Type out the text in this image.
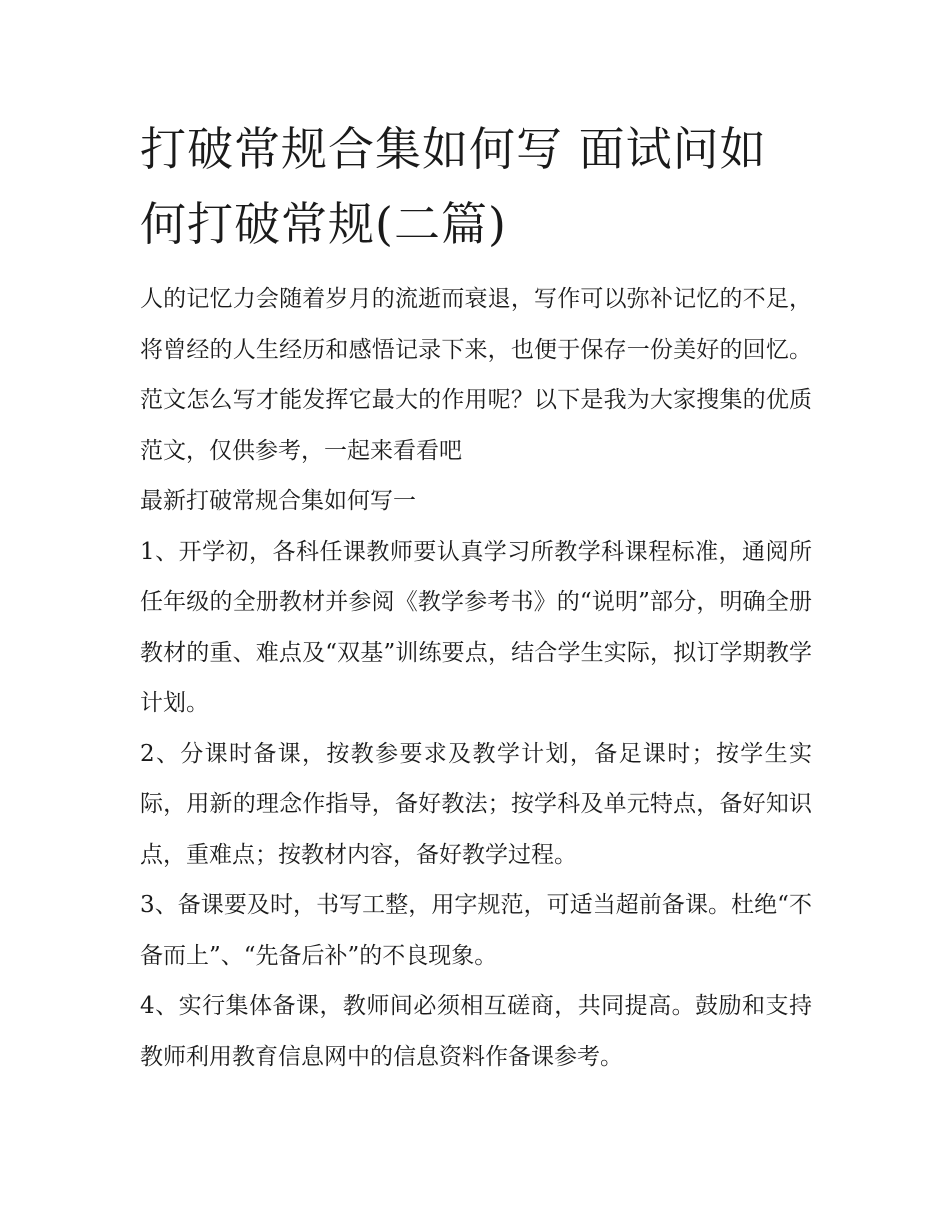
打破常规合集如何写 面试问如何打破常规(二篇)

人的记忆力会随着岁月的流逝而衰退，写作可以弥补记忆的不足，将曾经的人生经历和感悟记录下来，也便于保存一份美好的回忆。范文怎么写才能发挥它最大的作用呢？以下是我为大家搜集的优质范文，仅供参考，一起来看看吧

最新打破常规合集如何写一

1、开学初，各科任课教师要认真学习所教学科课程标准，通阅所任年级的全册教材并参阅《教学参考书》的“说明”部分，明确全册教材的重、难点及“双基”训练要点，结合学生实际，拟订学期教学计划。

2、分课时备课，按教参要求及教学计划，备足课时；按学生实际，用新的理念作指导，备好教法；按学科及单元特点，备好知识点，重难点；按教材内容，备好教学过程。

3、备课要及时，书写工整，用字规范，可适当超前备课。杜绝“不备而上”、“先备后补”的不良现象。

4、实行集体备课，教师间必须相互磋商，共同提高。鼓励和支持教师利用教育信息网中的信息资料作备课参考。
